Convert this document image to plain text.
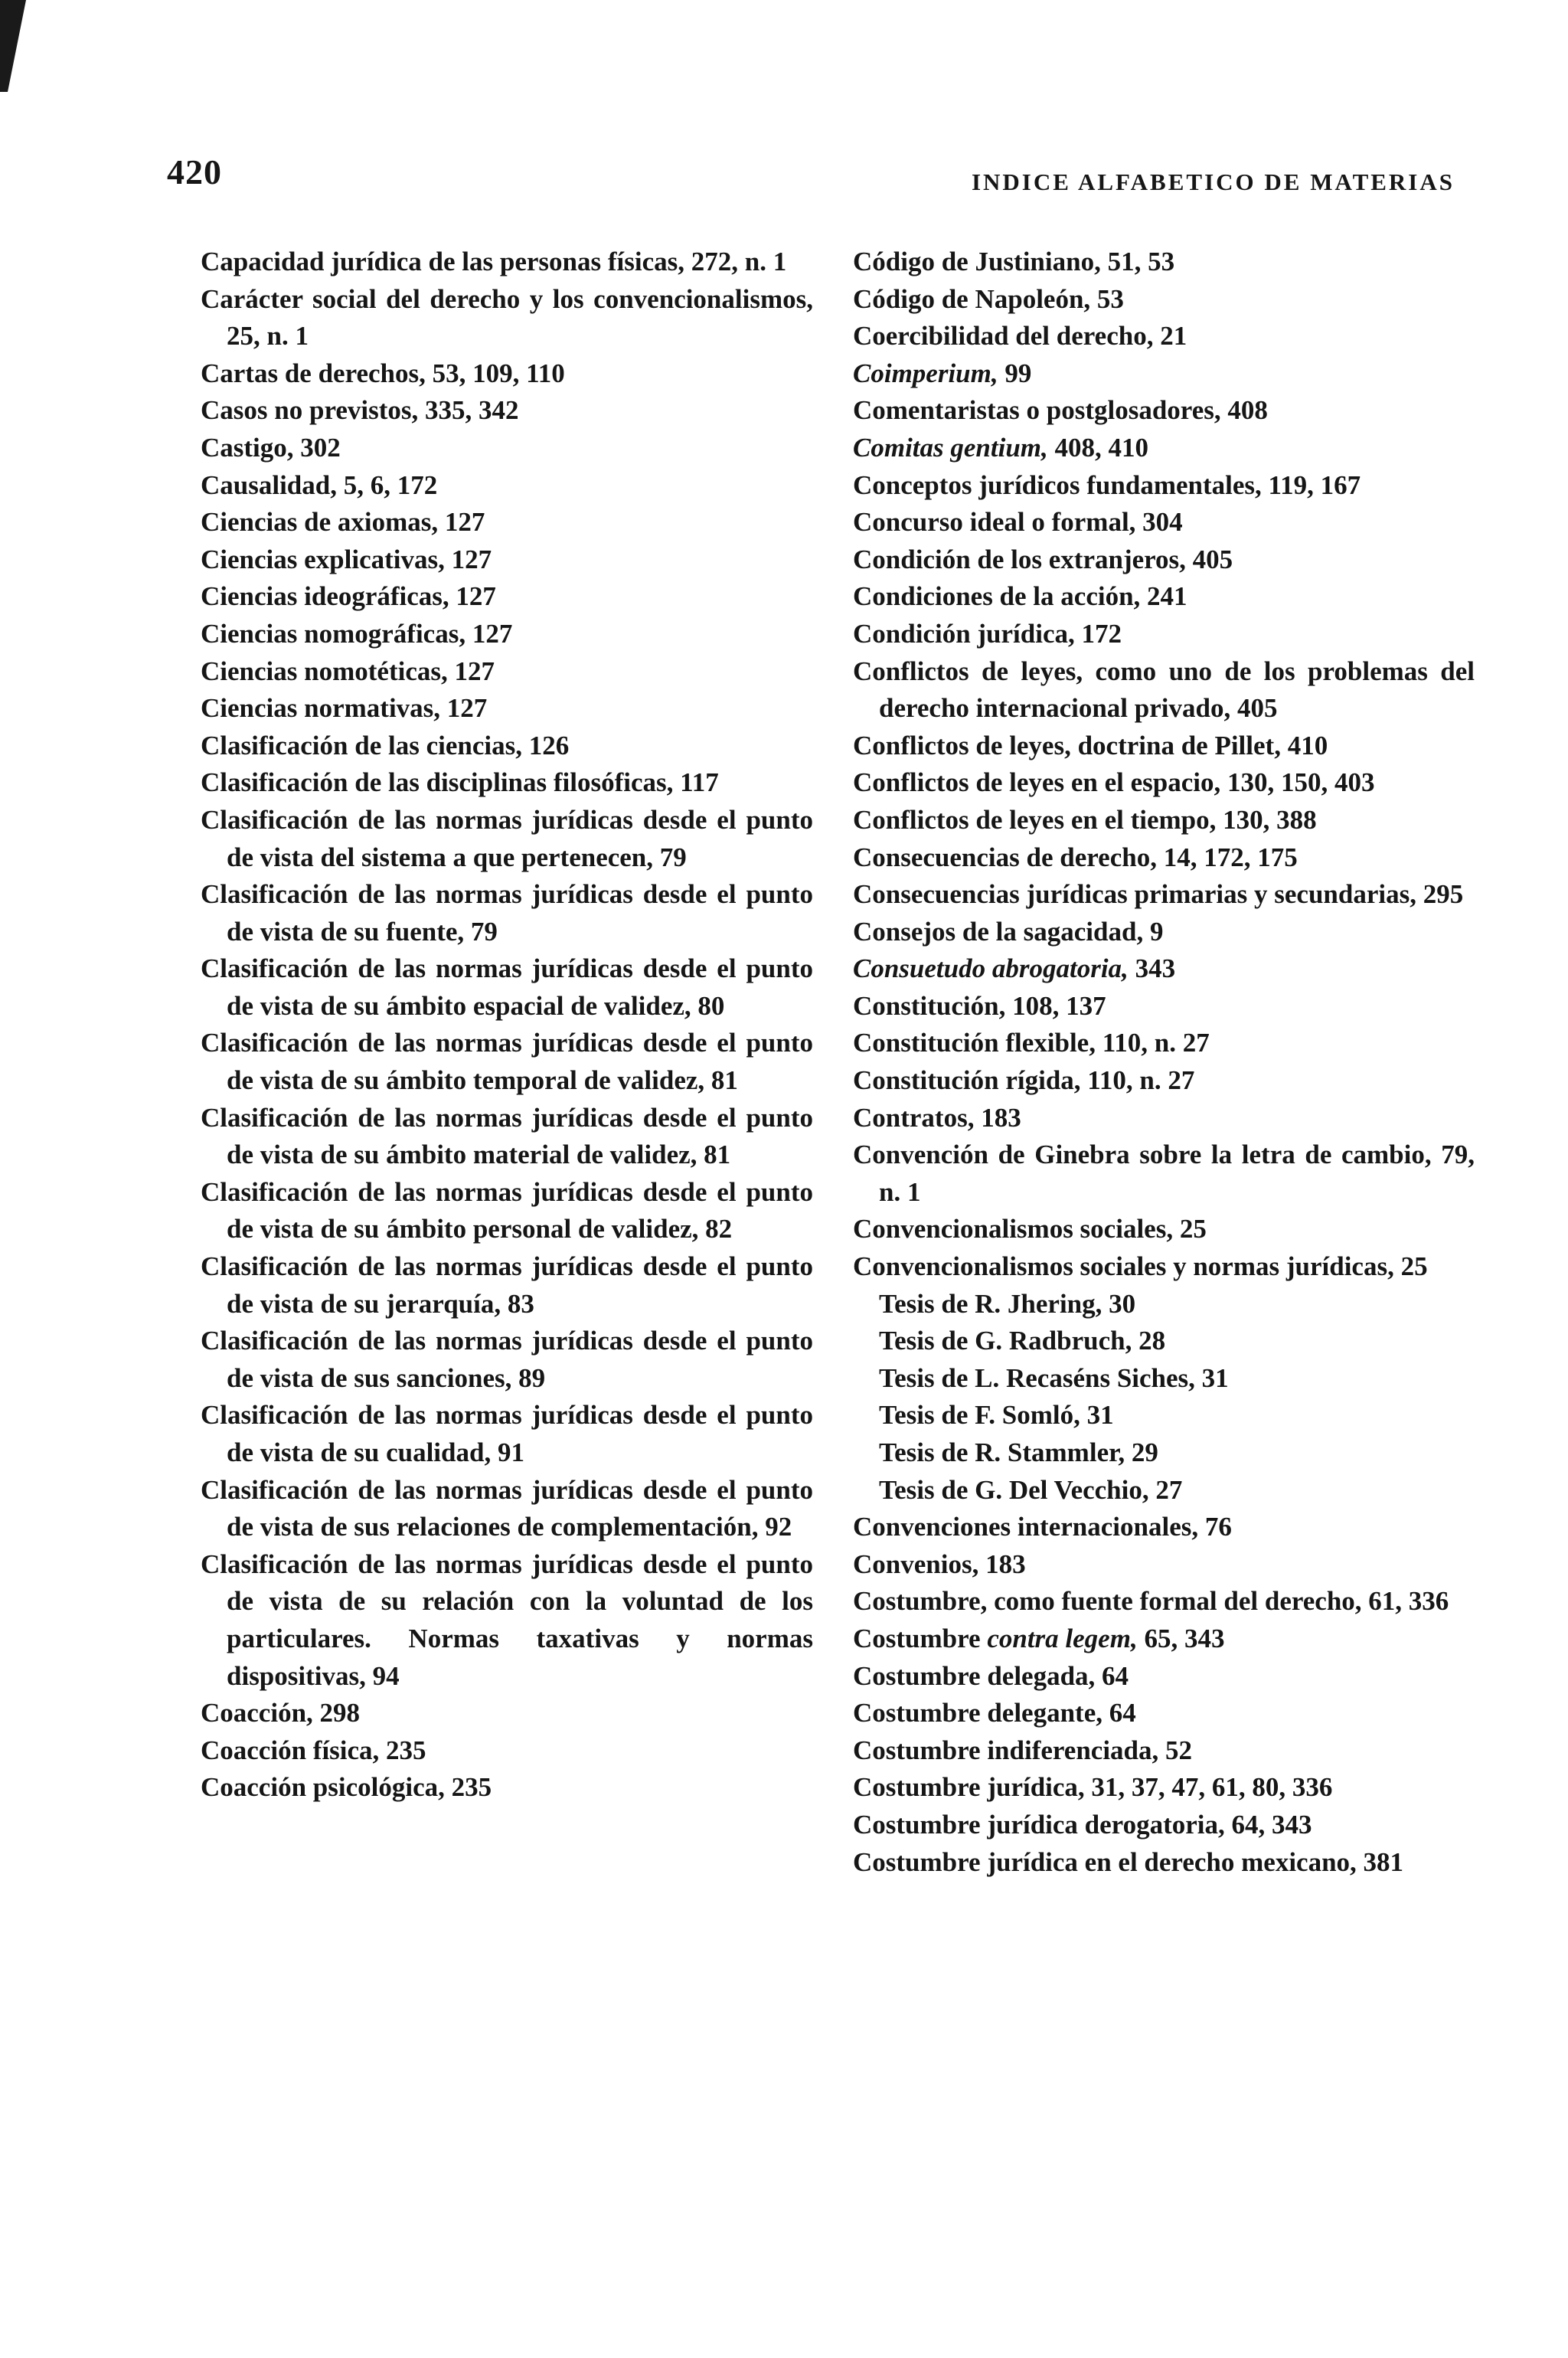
420	INDICE ALFABETICO DE MATERIAS
Capacidad jurídica de las personas físicas, 272, n. 1
Carácter social del derecho y los convencionalismos, 25, n. 1
Cartas de derechos, 53, 109, 110
Casos no previstos, 335, 342
Castigo, 302
Causalidad, 5, 6, 172
Ciencias de axiomas, 127
Ciencias explicativas, 127
Ciencias ideográficas, 127
Ciencias nomográficas, 127
Ciencias nomotéticas, 127
Ciencias normativas, 127
Clasificación de las ciencias, 126
Clasificación de las disciplinas filosóficas, 117
Clasificación de las normas jurídicas desde el punto de vista del sistema a que pertenecen, 79
Clasificación de las normas jurídicas desde el punto de vista de su fuente, 79
Clasificación de las normas jurídicas desde el punto de vista de su ámbito espacial de validez, 80
Clasificación de las normas jurídicas desde el punto de vista de su ámbito temporal de validez, 81
Clasificación de las normas jurídicas desde el punto de vista de su ámbito material de validez, 81
Clasificación de las normas jurídicas desde el punto de vista de su ámbito personal de validez, 82
Clasificación de las normas jurídicas desde el punto de vista de su jerarquía, 83
Clasificación de las normas jurídicas desde el punto de vista de sus sanciones, 89
Clasificación de las normas jurídicas desde el punto de vista de su cualidad, 91
Clasificación de las normas jurídicas desde el punto de vista de sus relaciones de complementación, 92
Clasificación de las normas jurídicas desde el punto de vista de su relación con la voluntad de los particulares. Normas taxativas y normas dispositivas, 94
Coacción, 298
Coacción física, 235
Coacción psicológica, 235
Código de Justiniano, 51, 53
Código de Napoleón, 53
Coercibilidad del derecho, 21
Coimperium, 99
Comentaristas o postglosadores, 408
Comitas gentium, 408, 410
Conceptos jurídicos fundamentales, 119, 167
Concurso ideal o formal, 304
Condición de los extranjeros, 405
Condiciones de la acción, 241
Condición jurídica, 172
Conflictos de leyes, como uno de los problemas del derecho internacional privado, 405
Conflictos de leyes, doctrina de Pillet, 410
Conflictos de leyes en el espacio, 130, 150, 403
Conflictos de leyes en el tiempo, 130, 388
Consecuencias de derecho, 14, 172, 175
Consecuencias jurídicas primarias y secundarias, 295
Consejos de la sagacidad, 9
Consuetudo abrogatoria, 343
Constitución, 108, 137
Constitución flexible, 110, n. 27
Constitución rígida, 110, n. 27
Contratos, 183
Convención de Ginebra sobre la letra de cambio, 79, n. 1
Convencionalismos sociales, 25
Convencionalismos sociales y normas jurídicas, 25
Tesis de R. Jhering, 30
Tesis de G. Radbruch, 28
Tesis de L. Recaséns Siches, 31
Tesis de F. Somló, 31
Tesis de R. Stammler, 29
Tesis de G. Del Vecchio, 27
Convenciones internacionales, 76
Convenios, 183
Costumbre, como fuente formal del derecho, 61, 336
Costumbre contra legem, 65, 343
Costumbre delegada, 64
Costumbre delegante, 64
Costumbre indiferenciada, 52
Costumbre jurídica, 31, 37, 47, 61, 80, 336
Costumbre jurídica derogatoria, 64, 343
Costumbre jurídica en el derecho mexicano, 381
